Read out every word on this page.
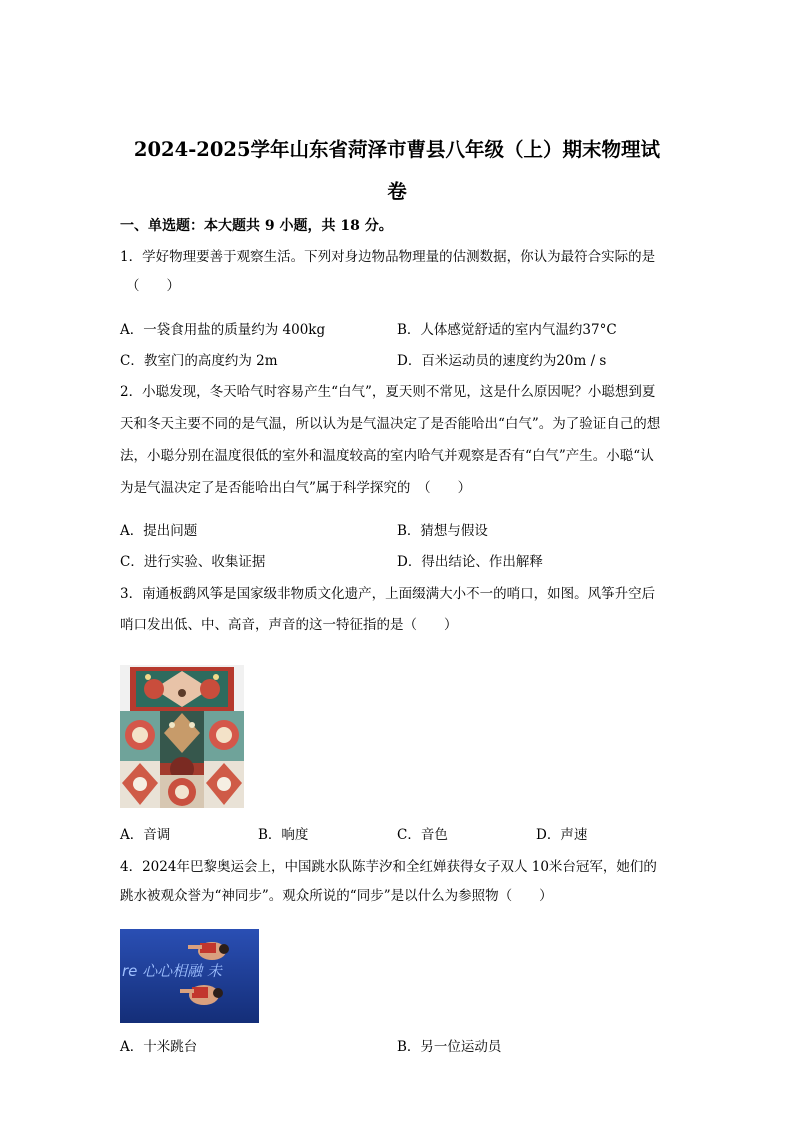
2024-2025学年山东省菏泽市曹县八年级（上）期末物理试
卷
一、单选题：本大题共 9 小题，共 18 分。
1．学好物理要善于观察生活。下列对身边物品物理量的估测数据，你认为最符合实际的是
（　　）
A．一袋食用盐的质量约为 400kg	B．人体感觉舒适的室内气温约37°C
C．教室门的高度约为 2m	D．百米运动员的速度约为20m / s
2．小聪发现，冬天哈气时容易产生“白气”，夏天则不常见，这是什么原因呢？小聪想到夏
天和冬天主要不同的是气温，所以认为是气温决定了是否能哈出“白气”。为了验证自己的想
法，小聪分别在温度很低的室外和温度较高的室内哈气并观察是否有“白气”产生。小聪“认
为是气温决定了是否能哈出白气”属于科学探究的　（　　）
A．提出问题	B．猜想与假设
C．进行实验、收集证据	D．得出结论、作出解释
3．南通板鹞风筝是国家级非物质文化遗产，上面缀满大小不一的哨口，如图。风筝升空后
哨口发出低、中、高音，声音的这一特征指的是（　　）
A．音调	B．响度	C．音色	D．声速
4．2024年巴黎奥运会上，中国跳水队陈芋汐和全红婵获得女子双人 10米台冠军，她们的
跳水被观众誉为“神同步”。观众所说的“同步”是以什么为参照物（　　）
re 心心相融 未
A．十米跳台	B．另一位运动员
